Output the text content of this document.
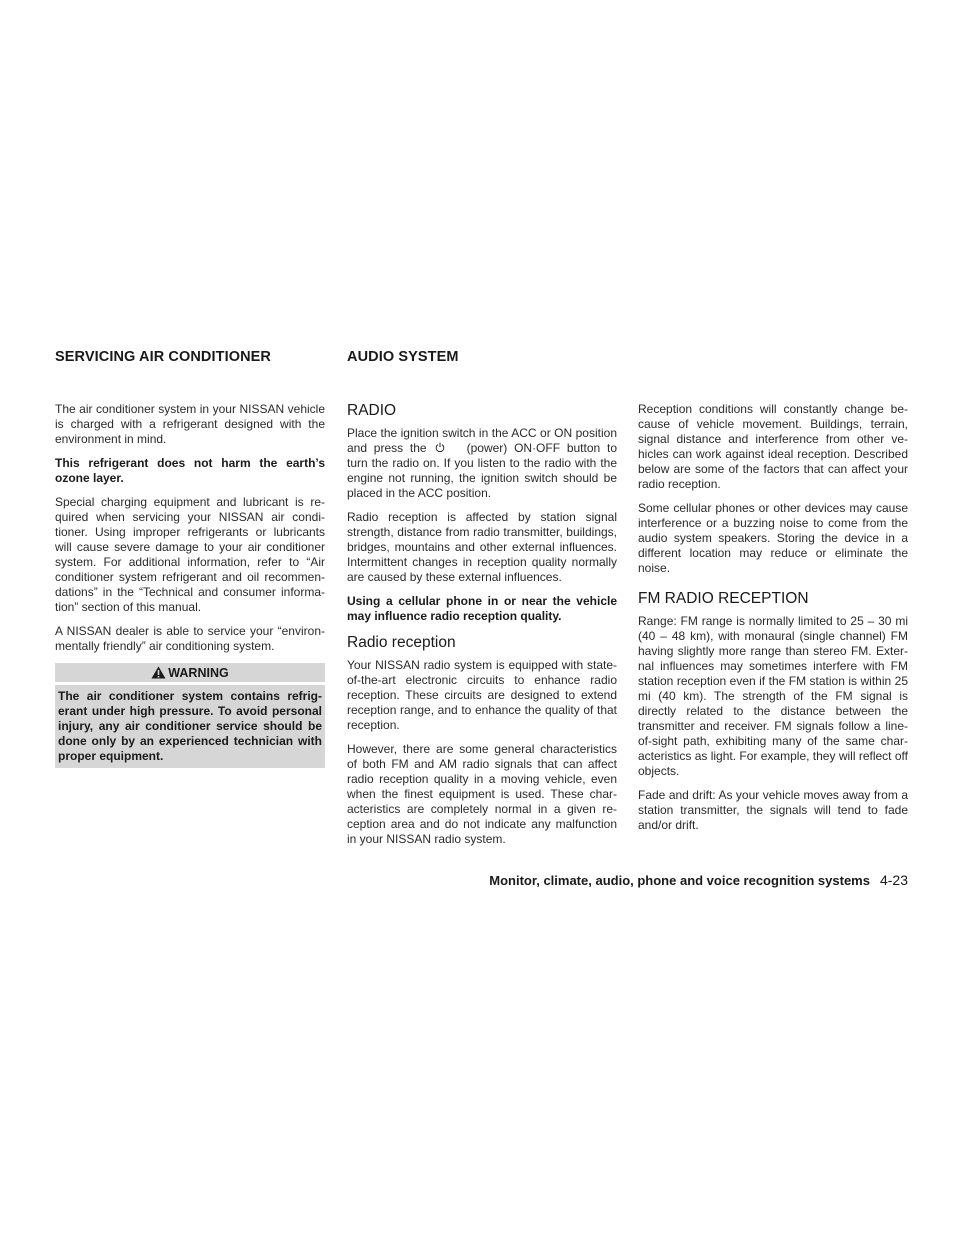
SERVICING AIR CONDITIONER	AUDIO SYSTEM

The air conditioner system in your NISSAN vehicle is charged with a refrigerant designed with the environment in mind.

This refrigerant does not harm the earth’s ozone layer.

Special charging equipment and lubricant is required when servicing your NISSAN air conditioner. Using improper refrigerants or lubricants will cause severe damage to your air conditioner system. For additional information, refer to “Air conditioner system refrigerant and oil recommendations” in the “Technical and consumer information” section of this manual.

A NISSAN dealer is able to service your “environmentally friendly” air conditioning system.

WARNING
The air conditioner system contains refrigerant under high pressure. To avoid personal injury, any air conditioner service should be done only by an experienced technician with proper equipment.
RADIO

Place the ignition switch in the ACC or ON position and press the	(power) ON·OFF button to turn the radio on. If you listen to the radio with the engine not running, the ignition switch should be placed in the ACC position.

Radio reception is affected by station signal strength, distance from radio transmitter, buildings, bridges, mountains and other external influences. Intermittent changes in reception quality normally are caused by these external influences.

Using a cellular phone in or near the vehicle may influence radio reception quality.

Radio reception

Your NISSAN radio system is equipped with state-of-the-art electronic circuits to enhance radio reception. These circuits are designed to extend reception range, and to enhance the quality of that reception.

However, there are some general characteristics of both FM and AM radio signals that can affect radio reception quality in a moving vehicle, even when the finest equipment is used. These characteristics are completely normal in a given reception area and do not indicate any malfunction in your NISSAN radio system.

Reception conditions will constantly change because of vehicle movement. Buildings, terrain, signal distance and interference from other vehicles can work against ideal reception. Described below are some of the factors that can affect your radio reception.

Some cellular phones or other devices may cause interference or a buzzing noise to come from the audio system speakers. Storing the device in a different location may reduce or eliminate the noise.

FM RADIO RECEPTION

Range: FM range is normally limited to 25 – 30 mi (40 – 48 km), with monaural (single channel) FM having slightly more range than stereo FM. External influences may sometimes interfere with FM station reception even if the FM station is within 25 mi (40 km). The strength of the FM signal is directly related to the distance between the transmitter and receiver. FM signals follow a line-of-sight path, exhibiting many of the same characteristics as light. For example, they will reflect off objects.

Fade and drift: As your vehicle moves away from a station transmitter, the signals will tend to fade and/or drift.

Monitor, climate, audio, phone and voice recognition systems 4-23
